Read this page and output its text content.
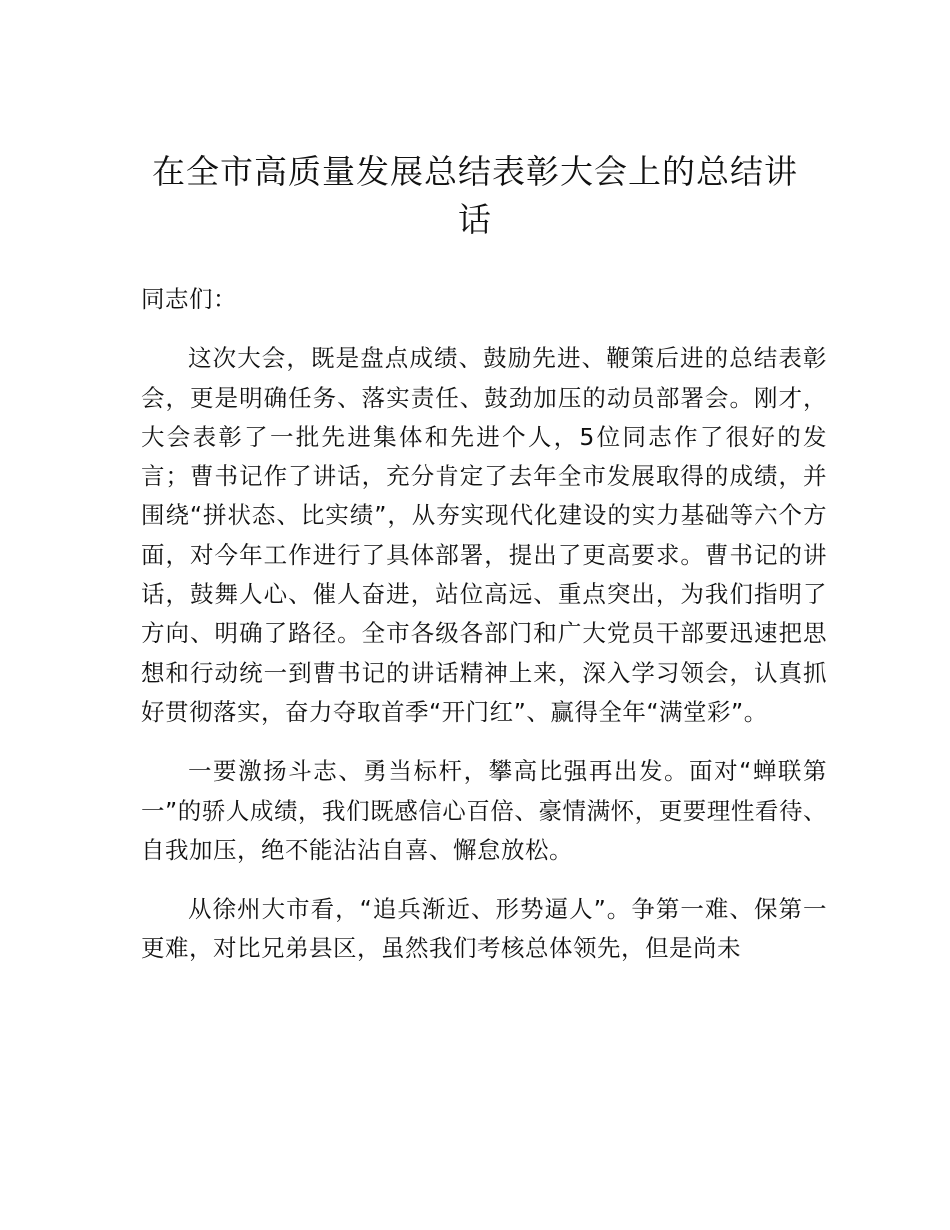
在全市高质量发展总结表彰大会上的总结讲话

同志们：

这次大会，既是盘点成绩、鼓励先进、鞭策后进的总结表彰会，更是明确任务、落实责任、鼓劲加压的动员部署会。刚才，大会表彰了一批先进集体和先进个人，5位同志作了很好的发言；曹书记作了讲话，充分肯定了去年全市发展取得的成绩，并围绕“拼状态、比实绩”，从夯实现代化建设的实力基础等六个方面，对今年工作进行了具体部署，提出了更高要求。曹书记的讲话，鼓舞人心、催人奋进，站位高远、重点突出，为我们指明了方向、明确了路径。全市各级各部门和广大党员干部要迅速把思想和行动统一到曹书记的讲话精神上来，深入学习领会，认真抓好贯彻落实，奋力夺取首季“开门红”、赢得全年“满堂彩”。

一要激扬斗志、勇当标杆，攀高比强再出发。面对“蝉联第一”的骄人成绩，我们既感信心百倍、豪情满怀，更要理性看待、自我加压，绝不能沾沾自喜、懈怠放松。

从徐州大市看，“追兵渐近、形势逼人”。争第一难、保第一更难，对比兄弟县区，虽然我们考核总体领先，但是尚未
